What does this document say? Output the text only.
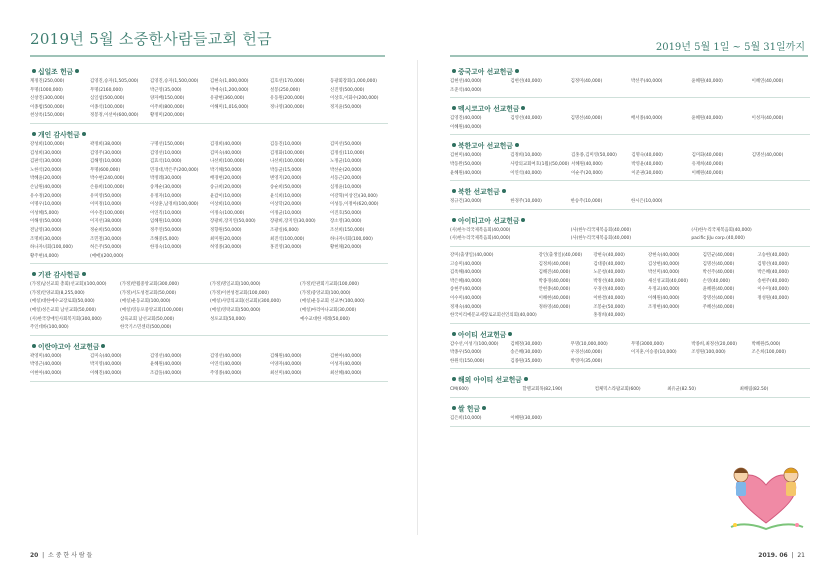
2019년 5월 소중한사람들교회 헌금	2019년 5월 1일 ~ 5월 31일까지
십일조 헌금
계정진(250,000)	김영진,승자(1,505,000)	김영진,승자(1,500,000)	김현숙(1,000,000)	김호선(170,000)	동광회장회(1,000,000)
무명(1000,000)	무명(2160,000)	박근영(35,000)	박애숙(1,200,000)	설봉(250,000)	신진영(500,000)
신창진(300,000)	심일섭(500,000)	양자배(150,000)	유광현(360,000)	유동원(200,000)	이상호,이화수(200,000)
이종범(500,000)	이종석(100,000)	이주희(800,000)	이해미(1,016,000)	정나영(300,000)	정지윤(50,000)
천상옥(150,000)	정봉정,이선아(600,000)	황정미(200,000)
개인 감사헌금
강성희(100,000)	곽정희(38,000)	구명선(150,000)	김경희(40,000)	김동진(10,000)	김미선(50,000)
김성희(30,000)	김영주(30,000)	김영선(10,000)	김미숙(40,000)	김정화(100,000)	김정실(110,000)
김판석(30,000)	김해영(10,000)	김효석(10,000)	나선희(100,000)	나선희(100,000)	노정균(10,000)
노한석(20,000)	무명(600,000)	민경대,박은주(200,000)	박기해(50,000)	박동균(15,000)	박선순(20,000)
박혜윤(20,000)	박수현(240,000)	박정례(30,000)	배경현(20,000)	변영지(20,000)	서동근(20,000)
손남원(40,000)	손용희(100,000)	송계순(30,000)	송규희(20,000)	송순희(50,000)	심정윤(10,000)
유수정(20,000)	유미영(50,000)	유정자(10,000)	윤갑이(10,000)	윤식희(10,000)	이강혁(이상진)(30,000)
이명우(10,000)	이미정(10,000)	이상훈,남경희(100,000)	이상희(10,000)	이상학(20,000)	이성동,이정아(620,000)
이성혜(5,000)	이수진(100,000)	이연직(10,000)	이정숙(100,000)	이정균(10,000)	이진호(50,000)
이해성(50,000)	이지선(38,000)	임혜원(10,000)	장광희,장지연(50,000)	장광희,장지연(30,000)	장소영(30,000)
전남영(30,000)	정순희(50,000)	정주연(50,000)	정향원(50,000)	조광실(6,000)	조선희(150,000)
조명희(30,000)	조민철(30,000)	조해중(5,000)	최미원(20,000)	최진석(100,000)	하나자녀회(100,000)
하나자녀회(100,000)	허은주(50,000)	한경숙(10,000)	허영종(30,000)	홍진영(30,000)	황현채(20,000)
황주현(4,000)	(매매)(200,000)
기관 감사헌금
(가정)남선교회 총회(선교회)(100,000)	(가정)반월중앙교회(300,000)	(가정)명일교회(100,000)	(가정)안관회기교회(100,000)
(가정)안양교회(8,255,000)	(가정)서도성결교회(50,000)	(가정)이천성결교회(100,000)	(가정)중앙교회(100,000)
(매칭)대한예수교장로회(50,000)	(매칭)운동교회(100,000)	(매칭)사랑의교회(선교회)(300,000)	(매칭)운동교회 선교부(100,000)
(매칭)성은교회 남선교회(50,000)	(매칭)영등포중앙교회(100,000)	(매칭)영락교회(500,000)	(매칭)마리아나교회(30,000)
(사)한국장애인사회복지회(300,000)	삼육교회 남선교회(50,000)	성포교회(50,000)	예수교대한 세례(50,000)
주인데바(100,000)	한국기스민센터(500,000)
이란야고아 선교헌금
곽영미(40,000)	김미숙(40,000)	김영선(40,000)	김영선(40,000)	김해원(40,000)	김현아(40,000)
박영근(40,000)	박지영(40,000)	윤혜원(40,000)	이연석(40,000)	이양자(40,000)	이성자(40,000)
이현아(40,000)	이혜진(40,000)	조갑돌(40,000)	주영종(40,000)	최선미(40,000)	최선혜(40,000)
중국고아 선교헌금
김현선(40,000)	김현선(40,000)	김정미(40,000)	박선주(40,000)	윤혜원(40,000)	이혜연(40,000)
조준석(40,000)
멕시코고아 선교헌금
김영진(40,000)	김영선(40,000)	김명선(40,000)	배서종(40,000)	윤혜원(40,000)	이성자(40,000)
이혜원(40,000)
북한고아 선교헌금
김현미(40,000)	김정희(10,000)	김홍종,김미영(50,000)	김명숙(40,000)	김미화(40,000)	김명선(40,000)
박동완(50,000)	사랑의교회여호(1월)(50,000) 서혜원(40,000)	박영윤(40,000)	유재희(40,000)
윤혜원(40,000)	이연석(40,000)	이순주(20,000)	이준권(30,000)	이혜원(40,000)
북한 선교헌금
정규건(30,000)	한경주(10,000)	한승주(10,000)	한시은(10,000)
아이티고아 선교헌금
(사)한누리국제복음회(40,000)	(사)한누리국제복음회(40,000)	(사)한누리국제복음회(40,000)
(사)한누리국제복음회(40,000)	(사)한누리국제복음회(40,000)	pacific JiJu corp.(40,000)
강미(출생일)(40,000)	강인(출생일)(40,000)	강현숙(40,000)	강현숙(40,000)	김민균(40,000)	고승현(40,000)
고승미(40,000)	김정희(40,000)	김대중(40,000)	김상현(40,000)	김명선(40,000)	김명선(40,000)
김옥해(40,000)	김해진(40,000)	노문청(40,000)	박선미(40,000)	박선주(40,000)	박은혜(40,000)
박은혜(40,000)	박종경(40,000)	박정선(40,000)	새신성교회(40,000)	손영(40,000)	송현주(40,000)
송현주(40,000)	안현종(40,000)	우경선(40,000)	우정교(40,000)	윤혜원(40,000)	이수미(40,000)
이수미(40,000)	이해현(40,000)	이한결(40,000)	이혜원(40,000)	장명선(40,000)	정성원(40,000)
정재숙(40,000)	정하영(40,000)	조봉순(50,000)	조정현(40,000)	주혜선(40,000)
한국이리예문교세장로교회선언의회(40,000)	홍정희(40,000)
아이티 선교헌금
감수선,이성기(100,000)	김혜정(30,000)	무명(10,000,000)	무명(3000,000)	박종희,최정선(20,000)	박혜원(5,000)
박종우(50,000)	송은혜(30,000)	우경선(40,000)	이지훈,이승중(10,000)	조영원(100,000)	조은희(100,000)
한원석(150,000)	김종원(35,000)	박영미(35,000)
해외 아이티 선교헌금
CM(600)	할렐교회목(82,190)	컴체믹스라팜교회(600)	최유균(82.50)	최해림(82.50)
쌀 헌금
김은희(10,000)	이혜원(30,000)
20  |  소 중 한 사 람 들	2019. 06  |  21
